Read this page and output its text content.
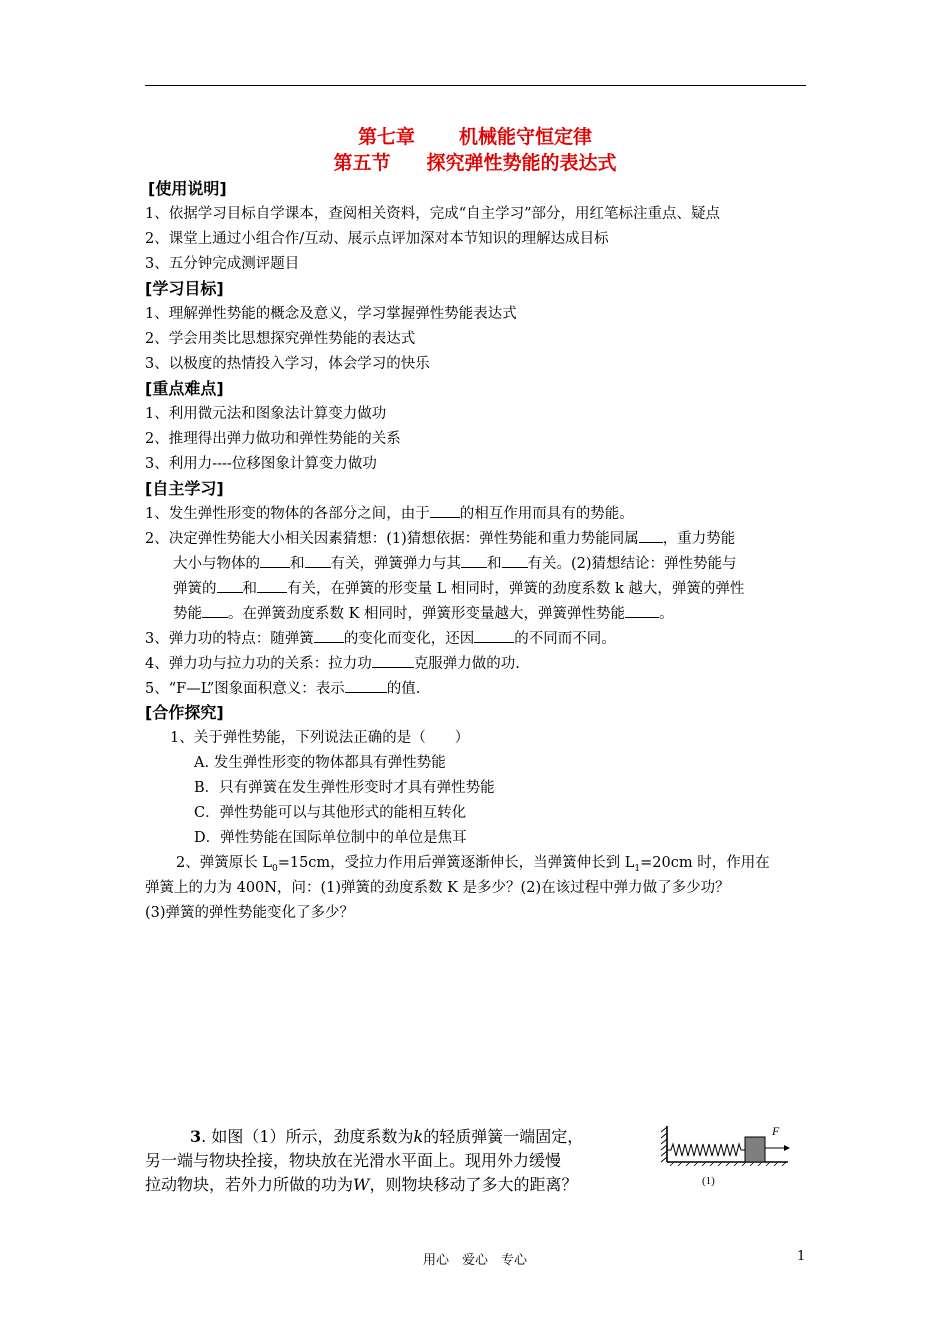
第七章 机械能守恒定律
第五节 探究弹性势能的表达式
[使用说明]
1、依据学习目标自学课本，查阅相关资料，完成“自主学习”部分，用红笔标注重点、疑点
2、课堂上通过小组合作/互动、展示点评加深对本节知识的理解达成目标
3、五分钟完成测评题目
[学习目标]
1、理解弹性势能的概念及意义，学习掌握弹性势能表达式
2、学会用类比思想探究弹性势能的表达式
3、以极度的热情投入学习，体会学习的快乐
[重点难点]
1、利用微元法和图象法计算变力做功
2、推理得出弹力做功和弹性势能的关系
3、利用力----位移图象计算变力做功
[自主学习]
1、发生弹性形变的物体的各部分之间，由于 的相互作用而具有的势能。
2、决定弹性势能大小相关因素猜想：(1)猜想依据：弹性势能和重力势能同属 ，重力势能
大小与物体的 和 有关，弹簧弹力与其 和 有关。(2)猜想结论：弹性势能与
弹簧的 和 有关，在弹簧的形变量 L 相同时，弹簧的劲度系数 k 越大，弹簧的弹性
势能 。在弹簧劲度系数 K 相同时，弹簧形变量越大，弹簧弹性势能 。
3、弹力功的特点：随弹簧 的变化而变化，还因	的不同而不同。
4、弹力功与拉力功的关系：拉力功	克服弹力做的功.
5、“F—L”图象面积意义：表示	的值.
[合作探究]
1、关于弹性势能，下列说法正确的是（　　）
A. 发生弹性形变的物体都具有弹性势能
B．只有弹簧在发生弹性形变时才具有弹性势能
C．弹性势能可以与其他形式的能相互转化
D．弹性势能在国际单位制中的单位是焦耳
2、弹簧原长 $L_0=15cm$，受拉力作用后弹簧逐渐伸长，当弹簧伸长到 $L_1=20cm$ 时，作用在
弹簧上的力为 400N，问：(1)弹簧的劲度系数 K 是多少？(2)在该过程中弹力做了多少功？
(3)弹簧的弹性势能变化了多少？
3. 如图（1）所示，劲度系数为k的轻质弹簧一端固定，
另一端与物块拴接，物块放在光滑水平面上。现用外力缓慢
拉动物块，若外力所做的功为W，则物块移动了多大的距离？
F
(1)
用心　爱心　专心	1
